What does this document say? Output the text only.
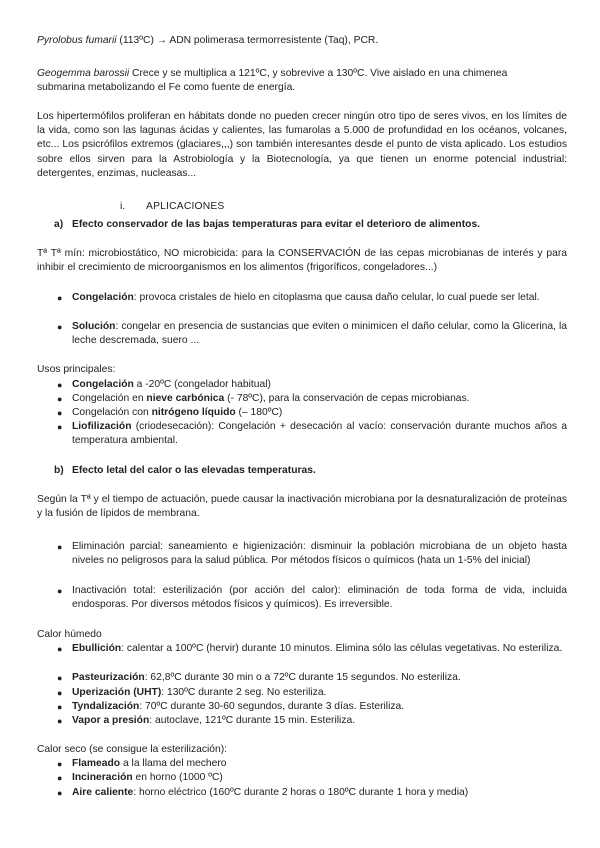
Pyrolobus fumarii (113ºC) → ADN polimerasa termorresistente (Taq), PCR.
Geogemma barossii Crece y se multiplica a 121ºC, y sobrevive a 130ºC. Vive aislado en una chimenea
submarina metabolizando el Fe como fuente de energía.
Los hipertermófilos proliferan en hábitats donde no pueden crecer ningún otro tipo de seres vivos, en los límites de la vida, como son las lagunas ácidas y calientes, las fumarolas a 5.000 de profundidad en los océanos, volcanes, etc... Los psicrófilos extremos (glaciares,,,) son también interesantes desde el punto de vista aplicado. Los estudios sobre ellos sirven para la Astrobiología y la Biotecnología, ya que tienen un enorme potencial industrial: detergentes, enzimas, nucleasas...
i. APLICACIONES
a) Efecto conservador de las bajas temperaturas para evitar el deterioro de alimentos.
Tª Tª mín: microbiostático, NO microbicida: para la CONSERVACIÓN de las cepas microbianas de interés y para inhibir el crecimiento de microorganismos en los alimentos (frigoríficos, congeladores...)
● Congelación: provoca cristales de hielo en citoplasma que causa daño celular, lo cual puede ser letal.
● Solución: congelar en presencia de sustancias que eviten o minimicen el daño celular, como la Glicerina, la leche descremada, suero ...
Usos principales:
● Congelación a -20ºC (congelador habitual)
● Congelación en nieve carbónica (- 78ºC), para la conservación de cepas microbianas.
● Congelación con nitrógeno líquido (– 180ºC)
● Liofilización (criodesecación): Congelación + desecación al vacío: conservación durante muchos años a temperatura ambiental.
b) Efecto letal del calor o las elevadas temperaturas.
Según la Tª y el tiempo de actuación, puede causar la inactivación microbiana por la desnaturalización de proteínas y la fusión de lípidos de membrana.
● Eliminación parcial: saneamiento e higienización: disminuir la población microbiana de un objeto hasta niveles no peligrosos para la salud pública. Por métodos físicos o químicos (hata un 1-5% del inicial)
● Inactivación total: esterilización (por acción del calor): eliminación de toda forma de vida, incluida endosporas. Por diversos métodos físicos y químicos). Es irreversible.
Calor húmedo
● Ebullición: calentar a 100ºC (hervir) durante 10 minutos. Elimina sólo las células vegetativas. No esteriliza.
● Pasteurización: 62,8ºC durante 30 min o a 72ºC durante 15 segundos. No esteriliza.
● Uperización (UHT): 130ºC durante 2 seg. No esteriliza.
● Tyndalización: 70ºC durante 30-60 segundos, durante 3 días. Esteriliza.
● Vapor a presión: autoclave, 121ºC durante 15 min. Esteriliza.
Calor seco (se consigue la esterilización):
● Flameado a la llama del mechero
● Incineración en horno (1000 ºC)
● Aire caliente: horno eléctrico (160ºC durante 2 horas o 180ºC durante 1 hora y media)
